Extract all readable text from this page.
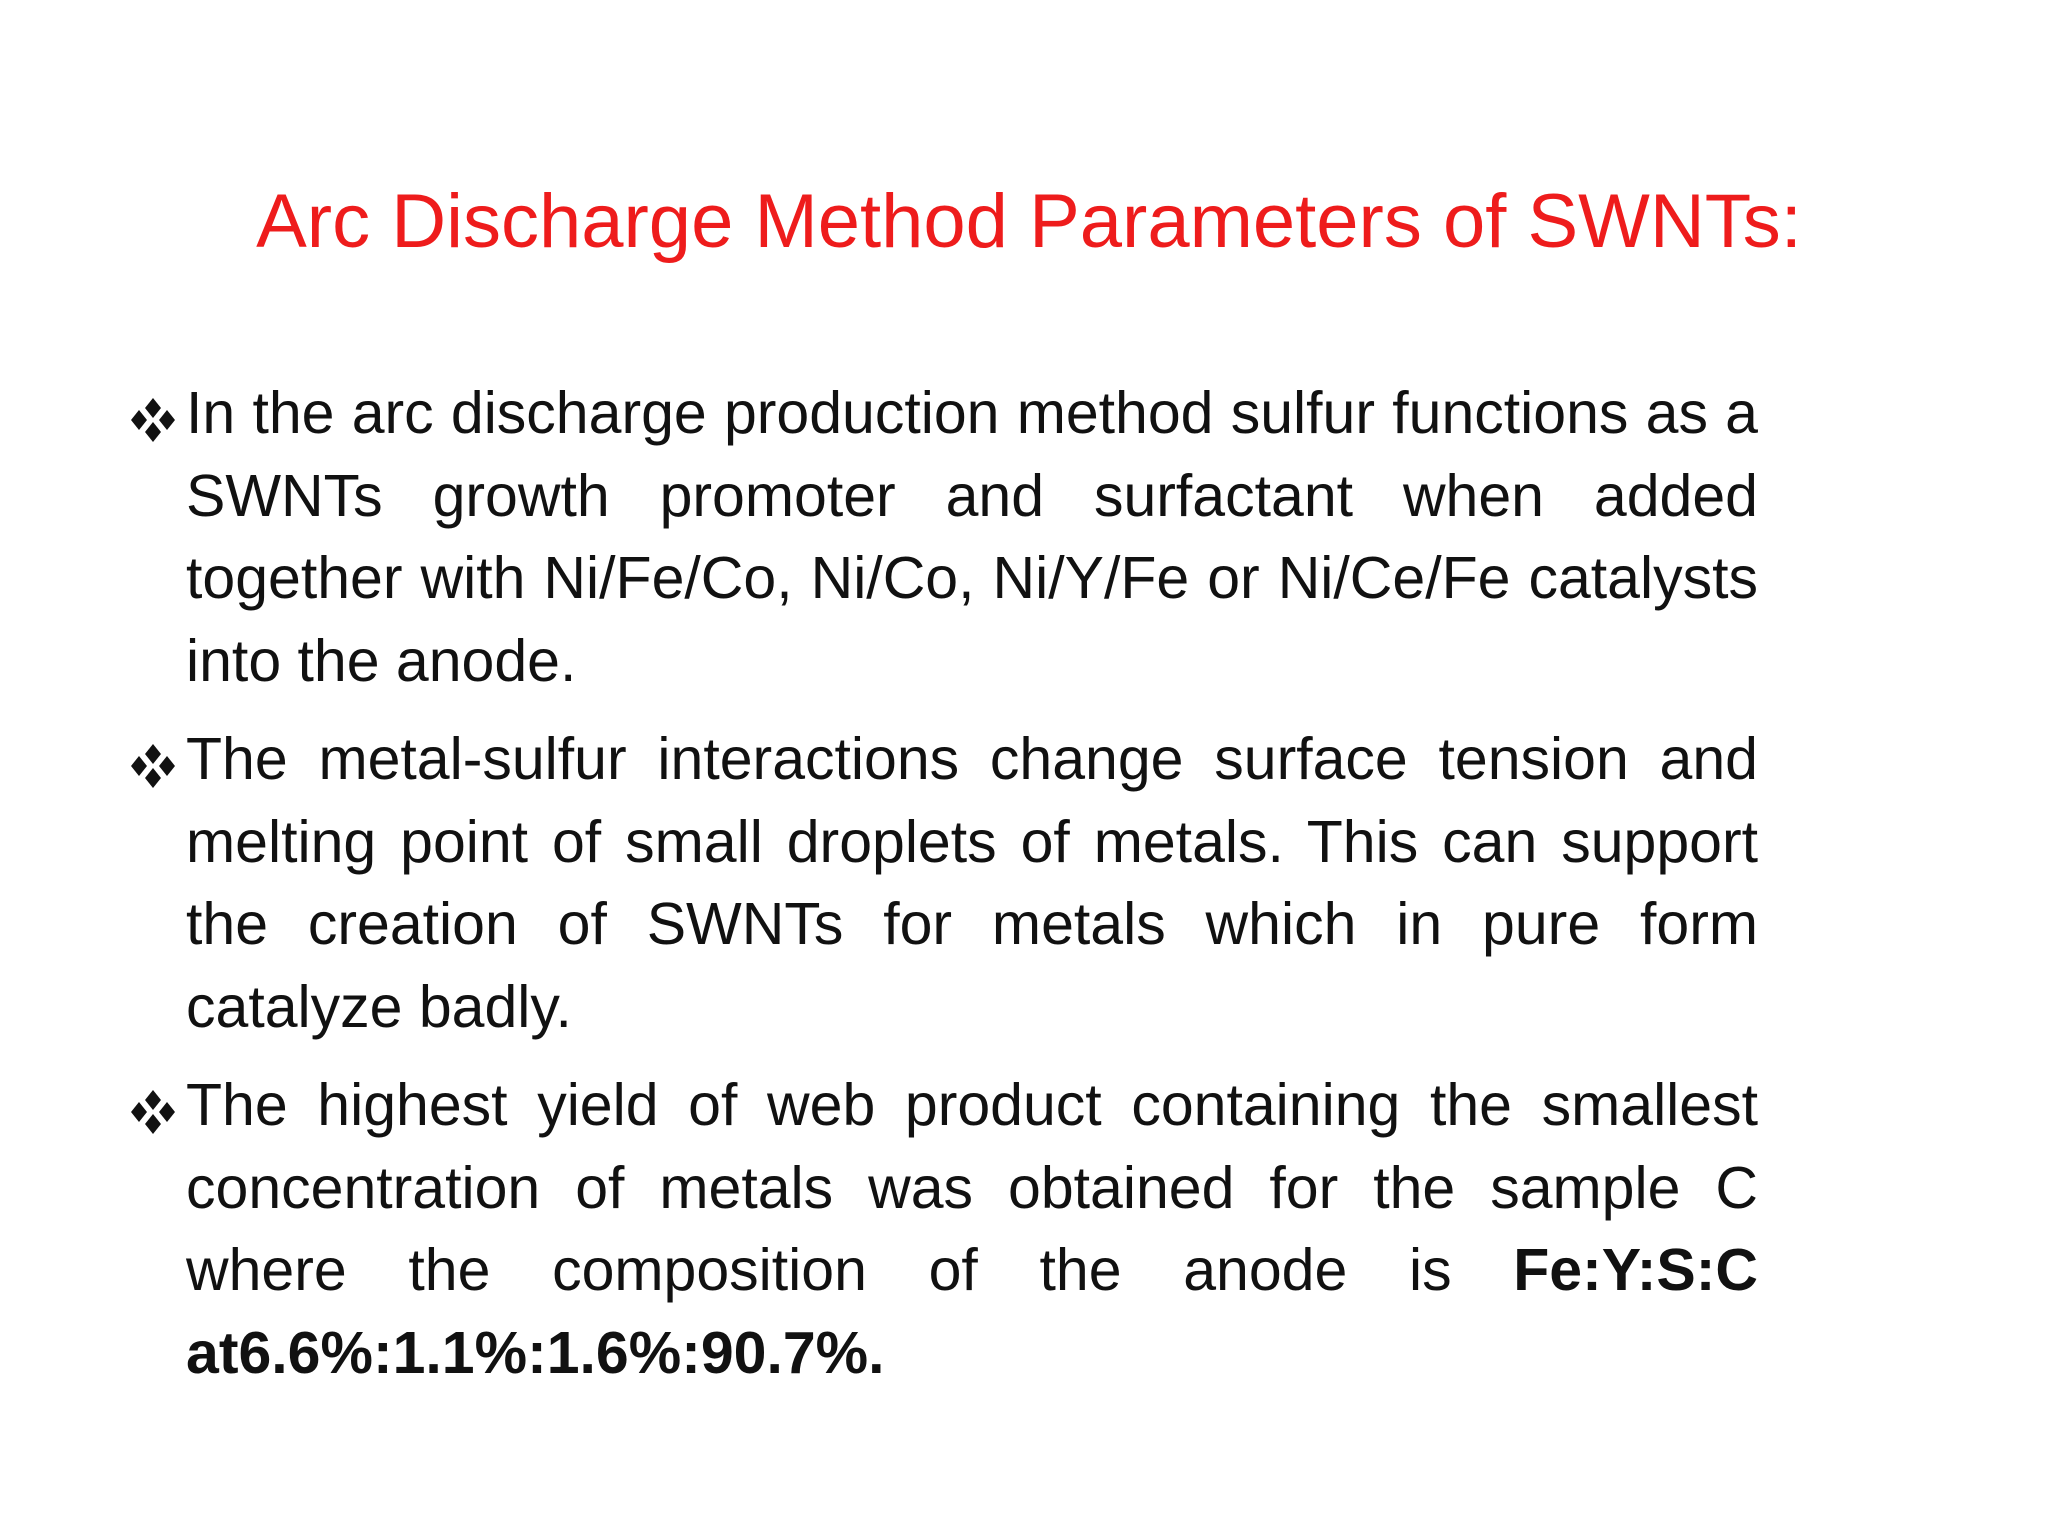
Arc Discharge Method Parameters of SWNTs:
In the arc discharge production method sulfur functions as a SWNTs growth promoter and surfactant when added together with Ni/Fe/Co, Ni/Co, Ni/Y/Fe or Ni/Ce/Fe catalysts into the anode.
The metal-sulfur interactions change surface tension and melting point of small droplets of metals. This can support the creation of SWNTs for metals which in pure form catalyze badly.
The highest yield of web product containing the smallest concentration of metals was obtained for the sample C where the composition of the anode is Fe:Y:S:C at6.6%:1.1%:1.6%:90.7%.
